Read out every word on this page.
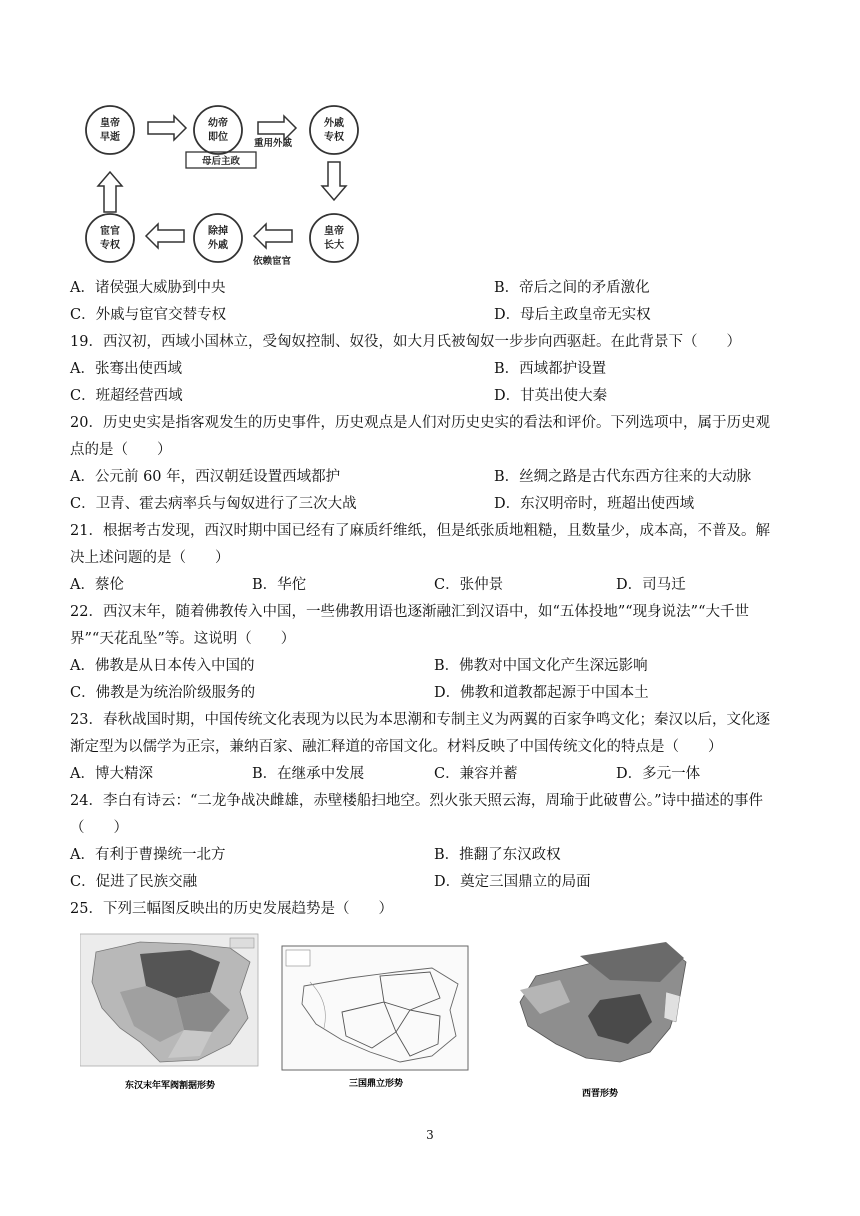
皇帝
早逝
幼帝
即位
外戚
专权
皇帝
长大
除掉
外戚
宦官
专权
重用外戚
母后主政
依赖宦官
A．诸侯强大威胁到中央	B．帝后之间的矛盾激化
C．外戚与宦官交替专权	D．母后主政皇帝无实权
19．西汉初，西域小国林立，受匈奴控制、奴役，如大月氏被匈奴一步步向西驱赶。在此背景下（　　）
A．张骞出使西域	B．西域都护设置
C．班超经营西域	D．甘英出使大秦
20．历史史实是指客观发生的历史事件，历史观点是人们对历史史实的看法和评价。下列选项中，属于历史观
点的是（　　）
A．公元前 60 年，西汉朝廷设置西域都护	B．丝绸之路是古代东西方往来的大动脉
C．卫青、霍去病率兵与匈奴进行了三次大战	D．东汉明帝时，班超出使西域
21．根据考古发现，西汉时期中国已经有了麻质纤维纸，但是纸张质地粗糙，且数量少，成本高，不普及。解
决上述问题的是（　　）
A．蔡伦	B．华佗	C．张仲景	D．司马迁
22．西汉末年，随着佛教传入中国，一些佛教用语也逐渐融汇到汉语中，如“五体投地”“现身说法”“大千世
界”“天花乱坠”等。这说明（　　）
A．佛教是从日本传入中国的	B．佛教对中国文化产生深远影响
C．佛教是为统治阶级服务的	D．佛教和道教都起源于中国本土
23．春秋战国时期，中国传统文化表现为以民为本思潮和专制主义为两翼的百家争鸣文化；秦汉以后，文化逐
渐定型为以儒学为正宗，兼纳百家、融汇释道的帝国文化。材料反映了中国传统文化的特点是（　　）
A．博大精深	B．在继承中发展	C．兼容并蓄	D．多元一体
24．李白有诗云：“二龙争战决雌雄，赤壁楼船扫地空。烈火张天照云海，周瑜于此破曹公。”诗中描述的事件
（　　）
A．有利于曹操统一北方	B．推翻了东汉政权
C．促进了民族交融	D．奠定三国鼎立的局面
25．下列三幅图反映出的历史发展趋势是（　　）
东汉末年军阀割据形势	三国鼎立形势
西晋形势
3
